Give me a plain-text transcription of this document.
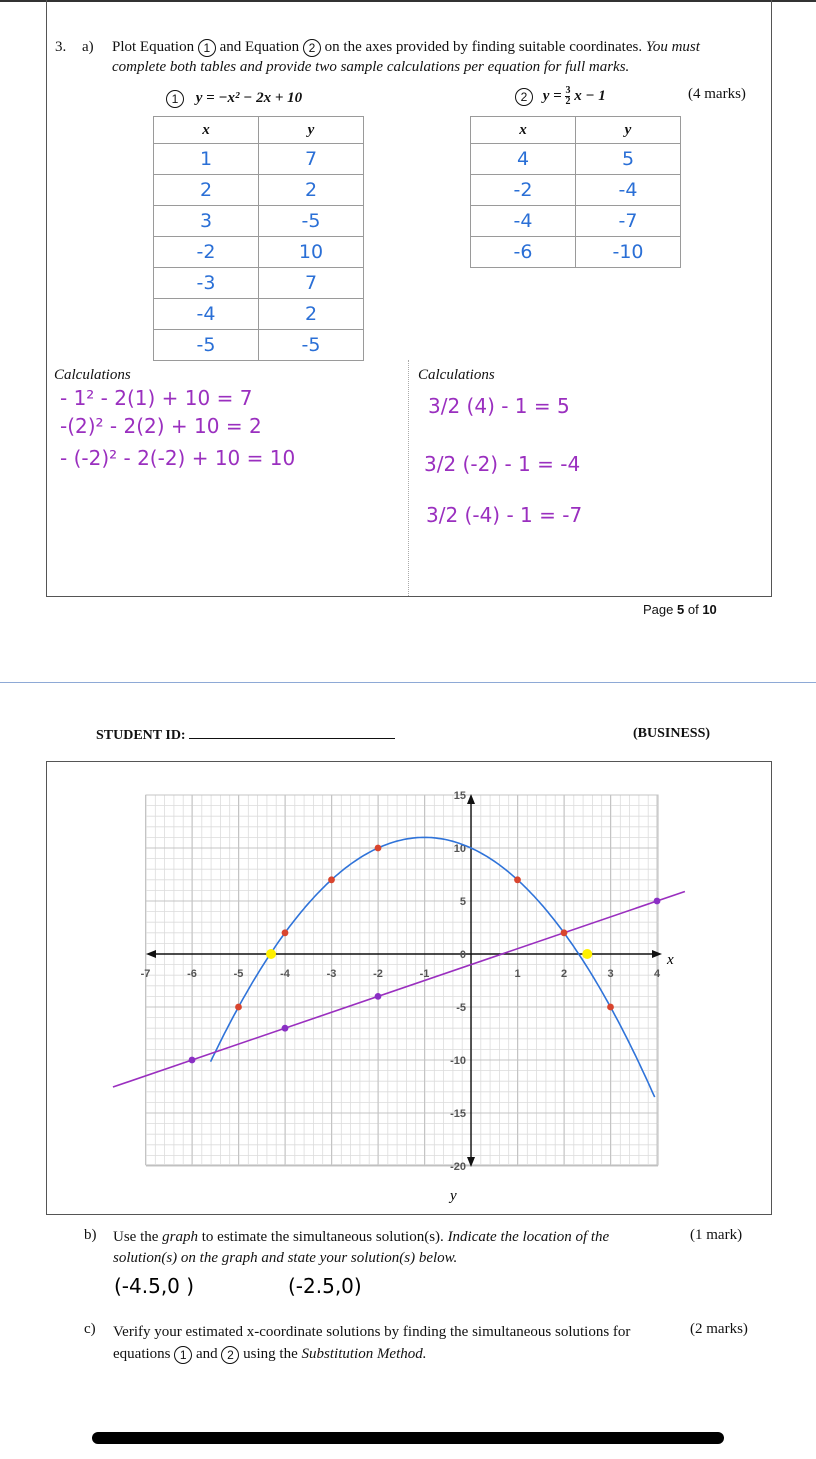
3. a) Plot Equation 1 and Equation 2 on the axes provided by finding suitable coordinates. You must complete both tables and provide two sample calculations per equation for full marks.
(4 marks)
1 y = −x² − 2x + 10	2 $y = \frac{3}{2}$ x − 1
x	y
1	7
2	2
3	-5
-2	10
-3	7
-4	2
-5	-5
x	y
4	5
-2	-4
-4	-7
-6	-10
Calculations	Calculations
- 1² - 2(1) + 10 = 7
-(2)² - 2(2) + 10 = 2
- (-2)² - 2(-2) + 10 = 10
3/2 (4) - 1 = 5
3/2 (-2) - 1 = -4
3/2 (-4) - 1 = -7
Page 5 of 10
STUDENT ID:	(BUSINESS)
-7	-6	-5	-4	-3	-2	-1	1	2	3	4
15
10
5
0
-5
-10
-15
-20
x
y
b) Use the graph to estimate the simultaneous solution(s). Indicate the location of the solution(s) on the graph and state your solution(s) below.
(1 mark)
(-4.5,0 )	(-2.5,0)
c) Verify your estimated x-coordinate solutions by finding the simultaneous solutions for equations 1 and 2 using the Substitution Method.
(2 marks)
